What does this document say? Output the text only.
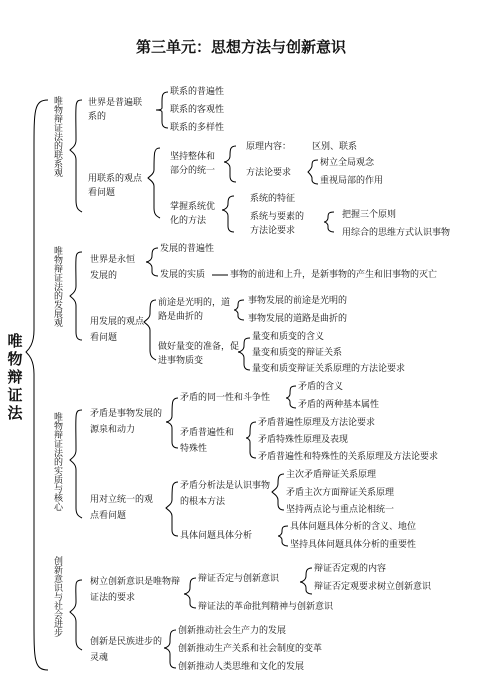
第三单元：思想方法与创新意识
唯物辩证法
唯物辩证法的联系观
唯物辩证法的发展观
唯物辩证法的实质与核心
创新意识与社会进步
世界是普遍联系的
联系的普遍性
联系的客观性
联系的多样性
用联系的观点看问题
坚持整体和部分的统一
原理内容： 区别、联系
方法论要求
树立全局观念
重视局部的作用
掌握系统优化的方法
系统的特征
系统与要素的方法论要求
把握三个原则
用综合的思维方式认识事物
世界是永恒发展的
发展的普遍性
发展的实质	事物的前进和上升，是新事物的产生和旧事物的灭亡
用发展的观点看问题
前途是光明的，道路是曲折的
事物发展的前途是光明的
事物发展的道路是曲折的
做好量变的准备，促进事物质变
量变和质变的含义
量变和质变的辩证关系
量变和质变辩证关系原理的方法论要求
矛盾是事物发展的源泉和动力
矛盾的同一性和斗争性
矛盾的含义
矛盾的两种基本属性
矛盾普遍性和特殊性
矛盾普遍性原理及方法论要求
矛盾特殊性原理及表现
矛盾普遍性和特殊性的关系原理及方法论要求
用对立统一的观点看问题
矛盾分析法是认识事物的根本方法
主次矛盾辩证关系原理
矛盾主次方面辩证关系原理
坚持两点论与重点论相统一
具体问题具体分析
具体问题具体分析的含义、地位
坚持具体问题具体分析的重要性
树立创新意识是唯物辩证法的要求
辩证否定与创新意识
辩证否定观的内容
辩证否定观要求树立创新意识
辩证法的革命批判精神与创新意识
创新是民族进步的灵魂
创新推动社会生产力的发展
创新推动生产关系和社会制度的变革
创新推动人类思维和文化的发展
